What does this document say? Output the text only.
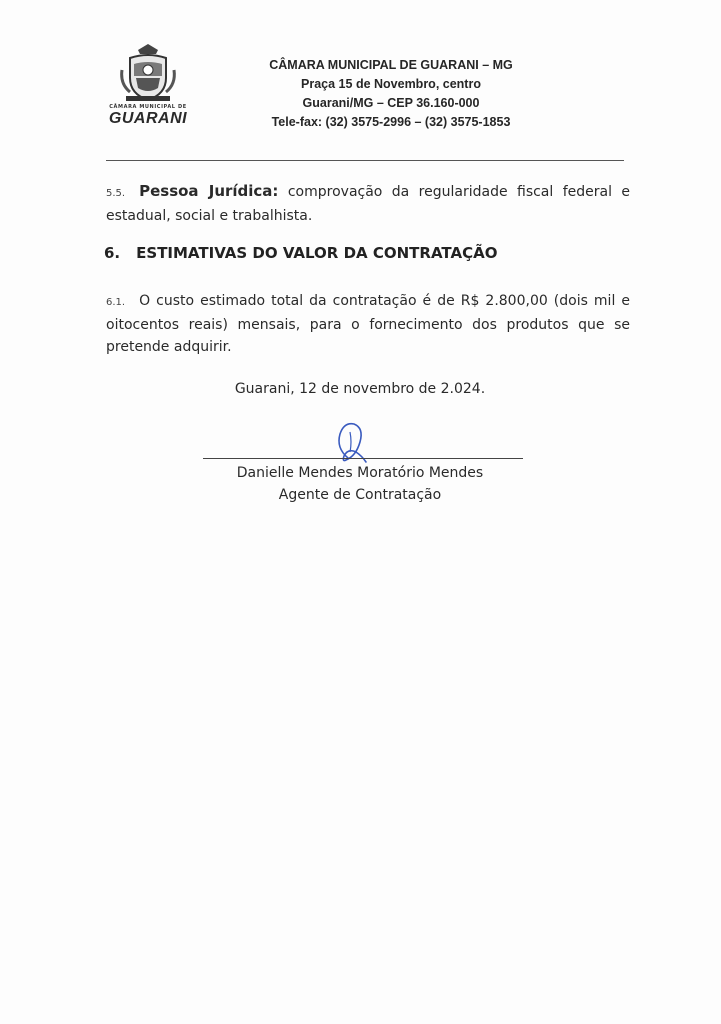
CÂMARA MUNICIPAL DE
GUARANI
CÂMARA MUNICIPAL DE GUARANI – MG
Praça 15 de Novembro, centro
Guarani/MG – CEP 36.160-000
Tele-fax: (32) 3575-2996 – (32) 3575-1853
5.5. Pessoa Jurídica: comprovação da regularidade fiscal federal e estadual, social e trabalhista.
6. ESTIMATIVAS DO VALOR DA CONTRATAÇÃO
6.1. O custo estimado total da contratação é de R$ 2.800,00 (dois mil e oitocentos reais) mensais, para o fornecimento dos produtos que se pretende adquirir.
Guarani, 12 de novembro de 2.024.
Danielle Mendes Moratório Mendes
Agente de Contratação
